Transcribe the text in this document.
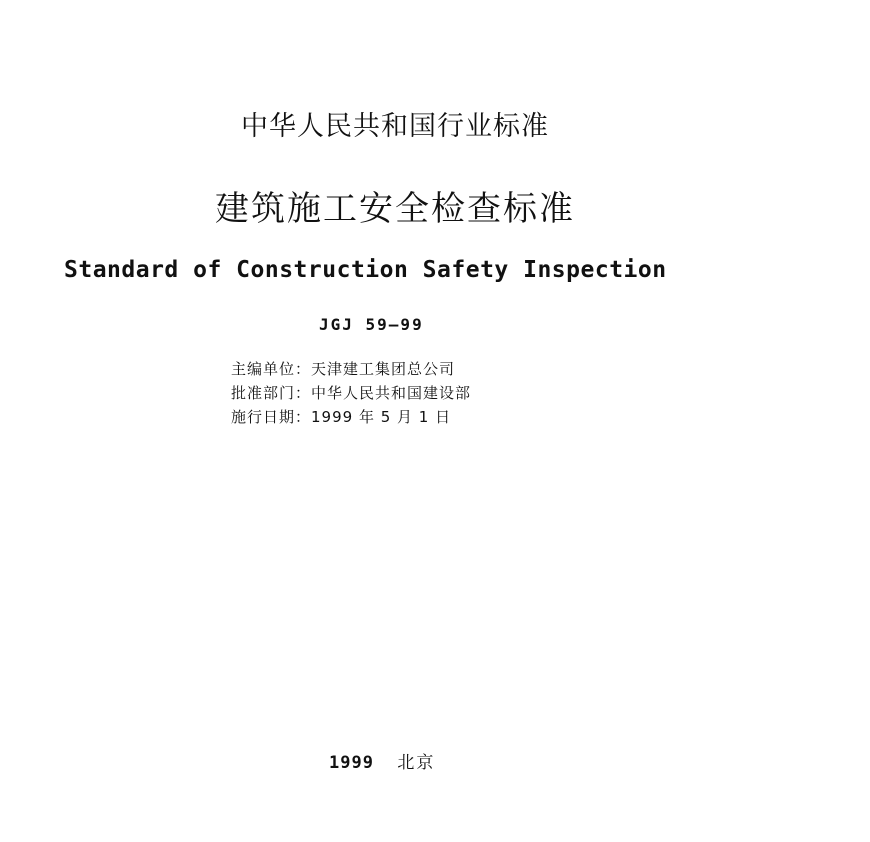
中华人民共和国行业标准
建筑施工安全检查标准
Standard of Construction Safety Inspection
JGJ 59—99
主编单位：天津建工集团总公司
批准部门：中华人民共和国建设部
施行日期：1999 年 5 月 1 日
1999 北京
